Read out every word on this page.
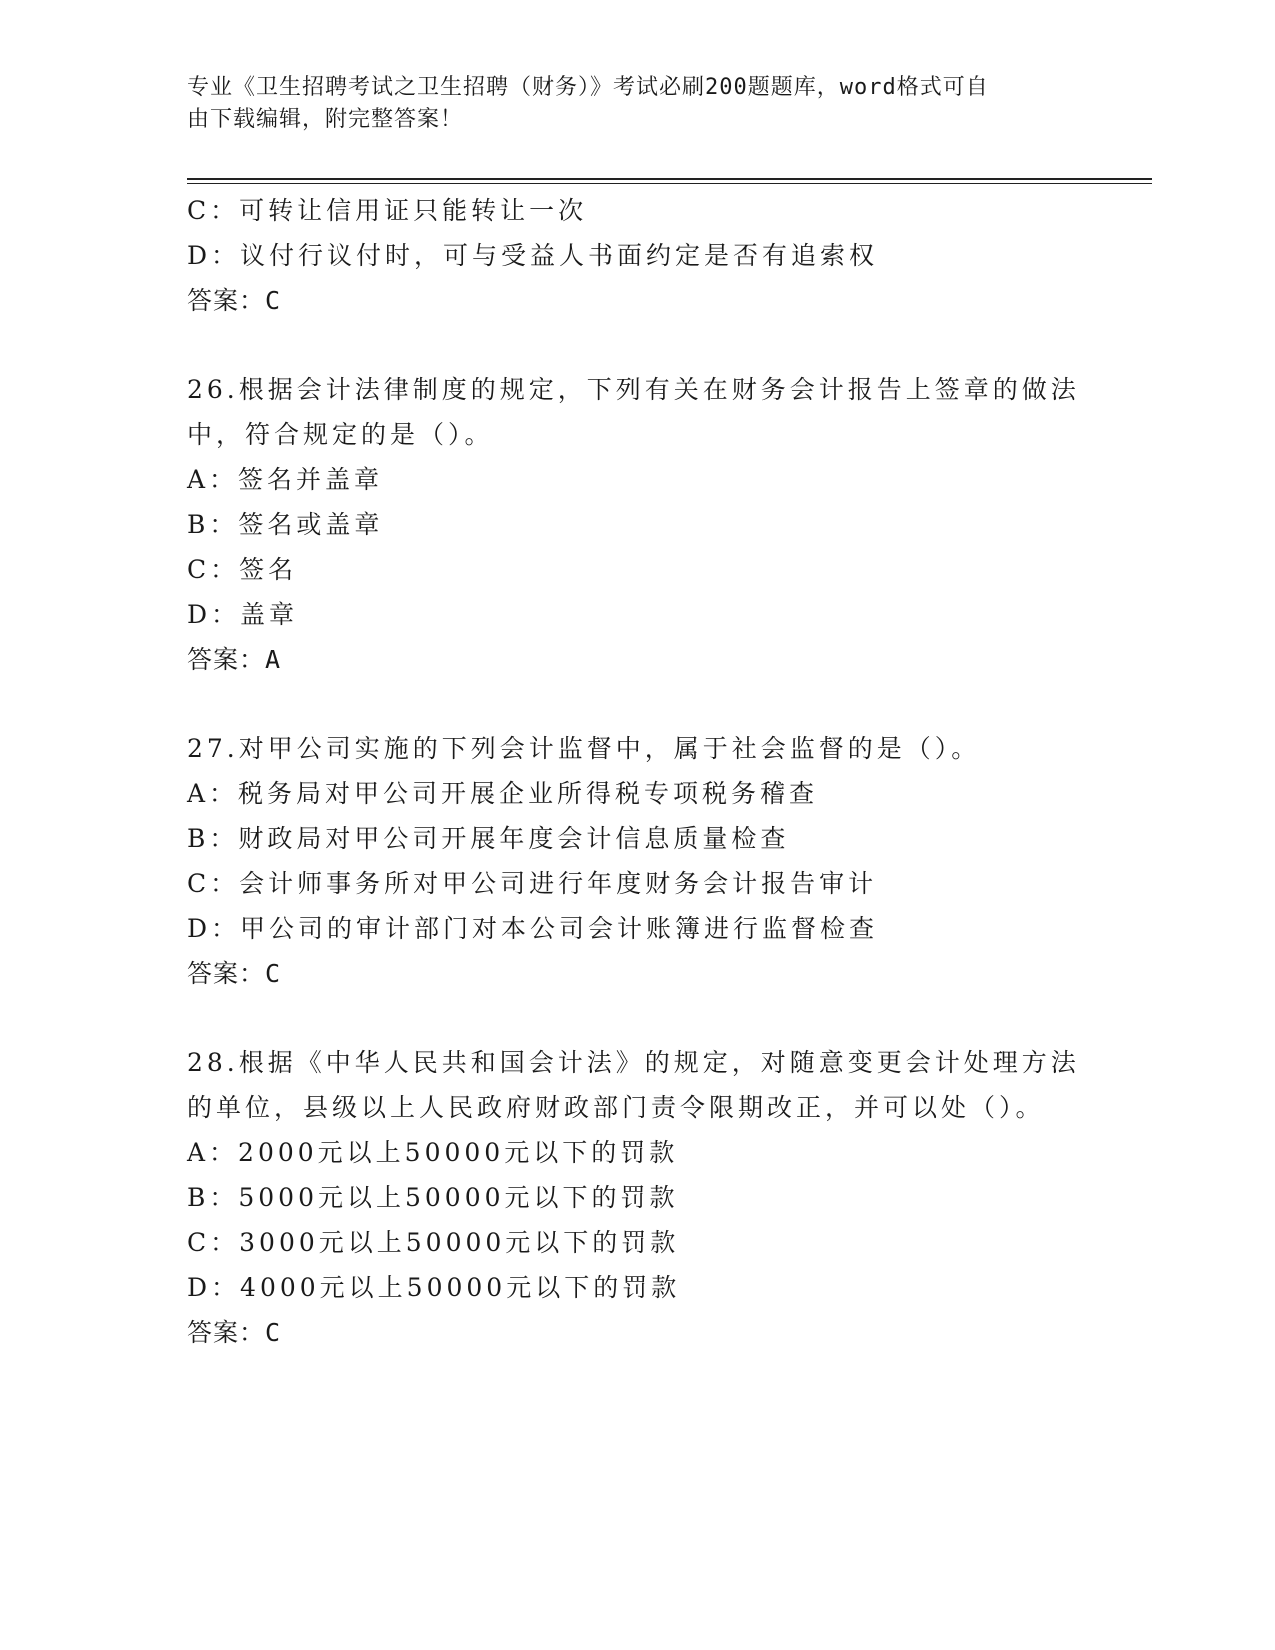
专业《卫生招聘考试之卫生招聘（财务）》考试必刷200题题库，word格式可自
由下载编辑，附完整答案！
C：可转让信用证只能转让一次
D：议付行议付时，可与受益人书面约定是否有追索权
答案：C
26.根据会计法律制度的规定，下列有关在财务会计报告上签章的做法
中，符合规定的是（）。
A：签名并盖章
B：签名或盖章
C：签名
D：盖章
答案：A
27.对甲公司实施的下列会计监督中，属于社会监督的是（）。
A：税务局对甲公司开展企业所得税专项税务稽查
B：财政局对甲公司开展年度会计信息质量检查
C：会计师事务所对甲公司进行年度财务会计报告审计
D：甲公司的审计部门对本公司会计账簿进行监督检查
答案：C
28.根据《中华人民共和国会计法》的规定，对随意变更会计处理方法
的单位，县级以上人民政府财政部门责令限期改正，并可以处（）。
A：2000元以上50000元以下的罚款
B：5000元以上50000元以下的罚款
C：3000元以上50000元以下的罚款
D：4000元以上50000元以下的罚款
答案：C
